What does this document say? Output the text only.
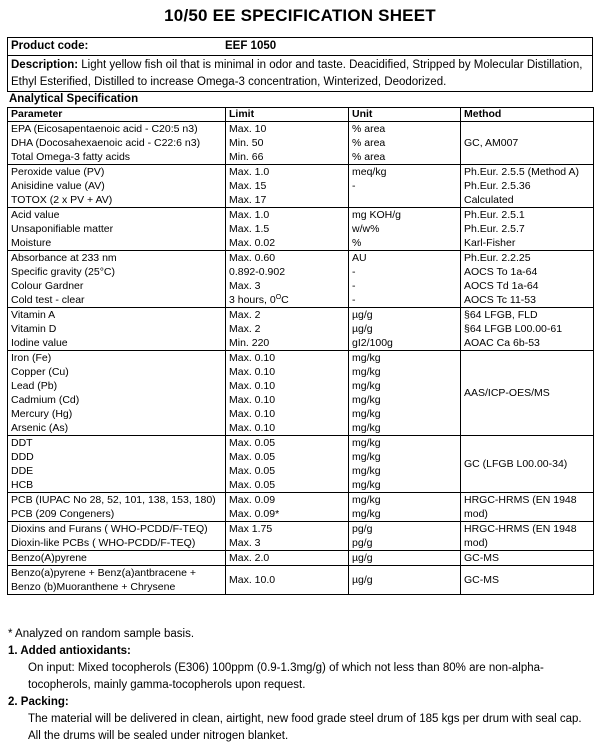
10/50 EE SPECIFICATION SHEET
Product code:	EEF 1050
Description: Light yellow fish oil that is minimal in odor and taste. Deacidified, Stripped by Molecular Distillation, Ethyl Esterified, Distilled to increase Omega-3 concentration, Winterized, Deodorized.
Analytical Specification
Parameter	Limit	Unit	Method
EPA (Eicosapentaenoic acid - C20:5 n3)	Max. 10	% area	GC, AM007
DHA (Docosahexaenoic acid - C22:6 n3)	Min. 50	% area	
Total Omega-3 fatty acids	Min. 66	% area	
Peroxide value (PV)	Max. 1.0	meq/kg	Ph.Eur. 2.5.5 (Method A)
Anisidine value (AV)	Max. 15	-	Ph.Eur. 2.5.36
TOTOX (2 x PV + AV)	Max. 17		Calculated
Acid value	Max. 1.0	mg KOH/g	Ph.Eur. 2.5.1
Unsaponifiable matter	Max. 1.5	w/w%	Ph.Eur. 2.5.7
Moisture	Max. 0.02	%	Karl-Fisher
Absorbance at 233 nm	Max. 0.60	AU	Ph.Eur. 2.2.25
Specific gravity (25°C)	0.892-0.902	-	AOCS To 1a-64
Colour Gardner	Max. 3	-	AOCS Td 1a-64
Cold test - clear	3 hours, $0^OC$	-	AOCS Tc 11-53
Vitamin A	Max. 2	µg/g	§64 LFGB, FLD
Vitamin D	Max. 2	µg/g	§64 LFGB L00.00-61
Iodine value	Min. 220	gI2/100g	AOAC Ca 6b-53
Iron (Fe)	Max. 0.10	mg/kg	AAS/ICP-OES/MS
Copper (Cu)	Max. 0.10	mg/kg	
Lead (Pb)	Max. 0.10	mg/kg	
Cadmium (Cd)	Max. 0.10	mg/kg	
Mercury (Hg)	Max. 0.10	mg/kg	
Arsenic (As)	Max. 0.10	mg/kg	
DDT	Max. 0.05	mg/kg	GC (LFGB L00.00-34)
DDD	Max. 0.05	mg/kg	
DDE	Max. 0.05	mg/kg	
HCB	Max. 0.05	mg/kg	
PCB (IUPAC No 28, 52, 101, 138, 153, 180)	Max. 0.09	mg/kg	HRGC-HRMS (EN 1948 mod)
PCB (209 Congeners)	Max. 0.09*	mg/kg	
Dioxins and Furans ( WHO-PCDD/F-TEQ)	Max 1.75	pg/g	HRGC-HRMS (EN 1948 mod)
Dioxin-like PCBs ( WHO-PCDD/F-TEQ)	Max. 3	pg/g	
Benzo(A)pyrene	Max. 2.0	µg/g	GC-MS
Benzo(a)pyrene + Benz(a)antbracene + Benzo (b)Muoranthene + Chrysene	Max. 10.0	µg/g	GC-MS
* Analyzed on random sample basis.
1. Added antioxidants:
On input: Mixed tocopherols (E306) 100ppm (0.9-1.3mg/g) of which not less than 80% are non-alpha-tocopherols, mainly gamma-tocopherols upon request.
2. Packing:
The material will be delivered in clean, airtight, new food grade steel drum of 185 kgs per drum with seal cap. All the drums will be sealed under nitrogen blanket.
